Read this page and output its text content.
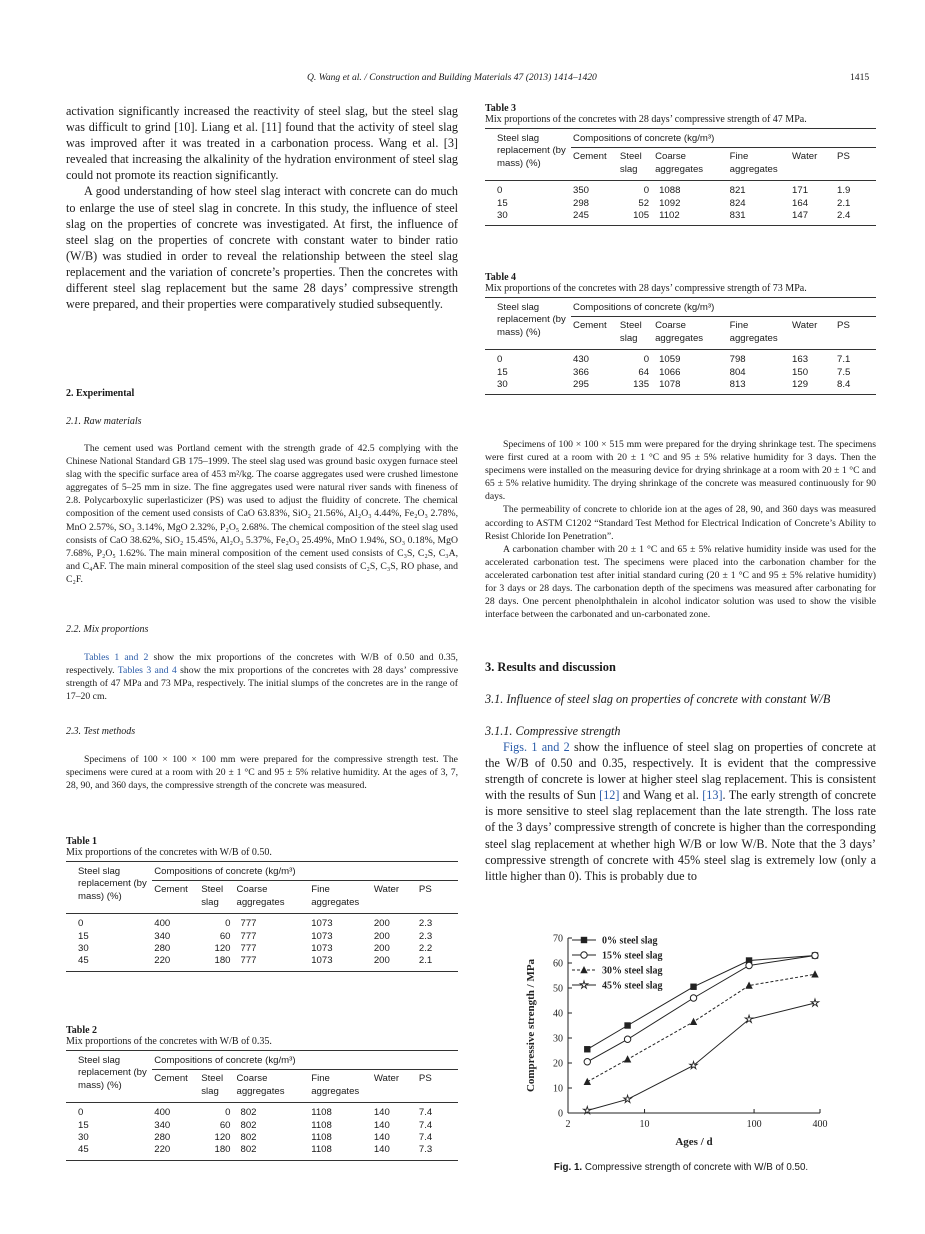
Q. Wang et al. / Construction and Building Materials 47 (2013) 1414–1420	1415

activation significantly increased the reactivity of steel slag, but the steel slag was difficult to grind [10]. Liang et al. [11] found that the activity of steel slag was improved after it was treated in a carbonation process. Wang et al. [3] revealed that increasing the alkalinity of the hydration environment of steel slag could not promote its reaction significantly.

A good understanding of how steel slag interact with concrete can do much to enlarge the use of steel slag in concrete. In this study, the influence of steel slag on the properties of concrete was investigated. At first, the influence of steel slag on the properties of concrete with constant water to binder ratio (W/B) was studied in order to reveal the relationship between the steel slag replacement and the variation of concrete’s properties. Then the concretes with different steel slag replacement but the same 28 days’ compressive strength were prepared, and their properties were comparatively studied subsequently.

2. Experimental

2.1. Raw materials

The cement used was Portland cement with the strength grade of 42.5 complying with the Chinese National Standard GB 175–1999. The steel slag used was ground basic oxygen furnace steel slag with the specific surface area of 453 m²/kg. The coarse aggregates used were crushed limestone aggregates of 5–25 mm in size. The fine aggregates used were natural river sands with fineness of 2.8. Polycarboxylic superlasticizer (PS) was used to adjust the fluidity of concrete. The chemical composition of the cement used consists of CaO 63.83%, SiO₂ 21.56%, Al₂O₃ 4.44%, Fe₂O₃ 2.78%, MnO 2.57%, SO₃ 3.14%, MgO 2.32%, P₂O₅ 2.68%. The chemical composition of the steel slag used consists of CaO 38.62%, SiO₂ 15.45%, Al₂O₃ 5.37%, Fe₂O₃ 25.49%, MnO 1.94%, SO₃ 0.18%, MgO 7.68%, P₂O₅ 1.62%. The main mineral composition of the cement used consists of C₃S, C₂S, C₃A, and C₄AF. The main mineral composition of the steel slag used consists of C₂S, C₃S, RO phase, and C₂F.

2.2. Mix proportions

Tables 1 and 2 show the mix proportions of the concretes with W/B of 0.50 and 0.35, respectively. Tables 3 and 4 show the mix proportions of the concretes with 28 days’ compressive strength of 47 MPa and 73 MPa, respectively. The initial slumps of the concretes are in the range of 17–20 cm.

2.3. Test methods

Specimens of 100 × 100 × 100 mm were prepared for the compressive strength test. The specimens were cured at a room with 20 ± 1 °C and 95 ± 5% relative humidity. At the ages of 3, 7, 28, 90, and 360 days, the compressive strength of the concrete was measured.

Table 1

Mix proportions of the concretes with W/B of 0.50.

Steel slag replacement (by mass) (%)	Compositions of concrete (kg/m³)					
	Cement	Steel slag	Coarse aggregates	Fine aggregates	Water	PS

0	400	0	777	1073	200	2.3
15	340	60	777	1073	200	2.3
30	280	120	777	1073	200	2.2
45	220	180	777	1073	200	2.1

Table 2

Mix proportions of the concretes with W/B of 0.35.

Steel slag replacement (by mass) (%)	Compositions of concrete (kg/m³)					
	Cement	Steel slag	Coarse aggregates	Fine aggregates	Water	PS

0	400	0	802	1108	140	7.4
15	340	60	802	1108	140	7.4
30	280	120	802	1108	140	7.4
45	220	180	802	1108	140	7.3

Table 3

Mix proportions of the concretes with 28 days’ compressive strength of 47 MPa.

Steel slag replacement (by mass) (%)	Compositions of concrete (kg/m³)					
	Cement	Steel slag	Coarse aggregates	Fine aggregates	Water	PS

0	350	0	1088	821	171	1.9
15	298	52	1092	824	164	2.1
30	245	105	1102	831	147	2.4

Table 4

Mix proportions of the concretes with 28 days’ compressive strength of 73 MPa.

Steel slag replacement (by mass) (%)	Compositions of concrete (kg/m³)					
	Cement	Steel slag	Coarse aggregates	Fine aggregates	Water	PS

0	430	0	1059	798	163	7.1
15	366	64	1066	804	150	7.5
30	295	135	1078	813	129	8.4

Specimens of 100 × 100 × 515 mm were prepared for the drying shrinkage test. The specimens were first cured at a room with 20 ± 1 °C and 95 ± 5% relative humidity for 3 days. Then the specimens were installed on the measuring device for drying shrinkage at a room with 20 ± 1 °C and 65 ± 5% relative humidity. The drying shrinkage of the concrete was measured continuously for 90 days.

The permeability of concrete to chloride ion at the ages of 28, 90, and 360 days was measured according to ASTM C1202 “Standard Test Method for Electrical Indication of Concrete’s Ability to Resist Chloride Ion Penetration”.

A carbonation chamber with 20 ± 1 °C and 65 ± 5% relative humidity inside was used for the accelerated carbonation test. The specimens were placed into the carbonation chamber for the accelerated carbonation test after initial standard curing (20 ± 1 °C and 95 ± 5% relative humidity) for 3 days or 28 days. The carbonation depth of the specimens was measured after carbonating for 28 days. One percent phenolphthalein in alcohol indicator solution was used to show the visible interface between the carbonated and un-carbonated zone.

3. Results and discussion

3.1. Influence of steel slag on properties of concrete with constant W/B

3.1.1. Compressive strength

Figs. 1 and 2 show the influence of steel slag on properties of concrete at the W/B of 0.50 and 0.35, respectively. It is evident that the compressive strength of concrete is lower at higher steel slag replacement. This is consistent with the results of Sun [12] and Wang et al. [13]. The early strength of concrete is more sensitive to steel slag replacement than the late strength. The loss rate of the 3 days’ compressive strength of concrete is higher than the corresponding steel slag replacement at whether high W/B or low W/B. Note that the 3 days’ compressive strength of concrete with 45% steel slag is extremely low (only a little higher than 0). This is probably due to

0
10
20
30
40
50
60
70
2	10	100	400
Ages / d
Compressive strength / MPa
0% steel slag
15% steel slag
30% steel slag
45% steel slag
Fig. 1. Compressive strength of concrete with W/B of 0.50.
